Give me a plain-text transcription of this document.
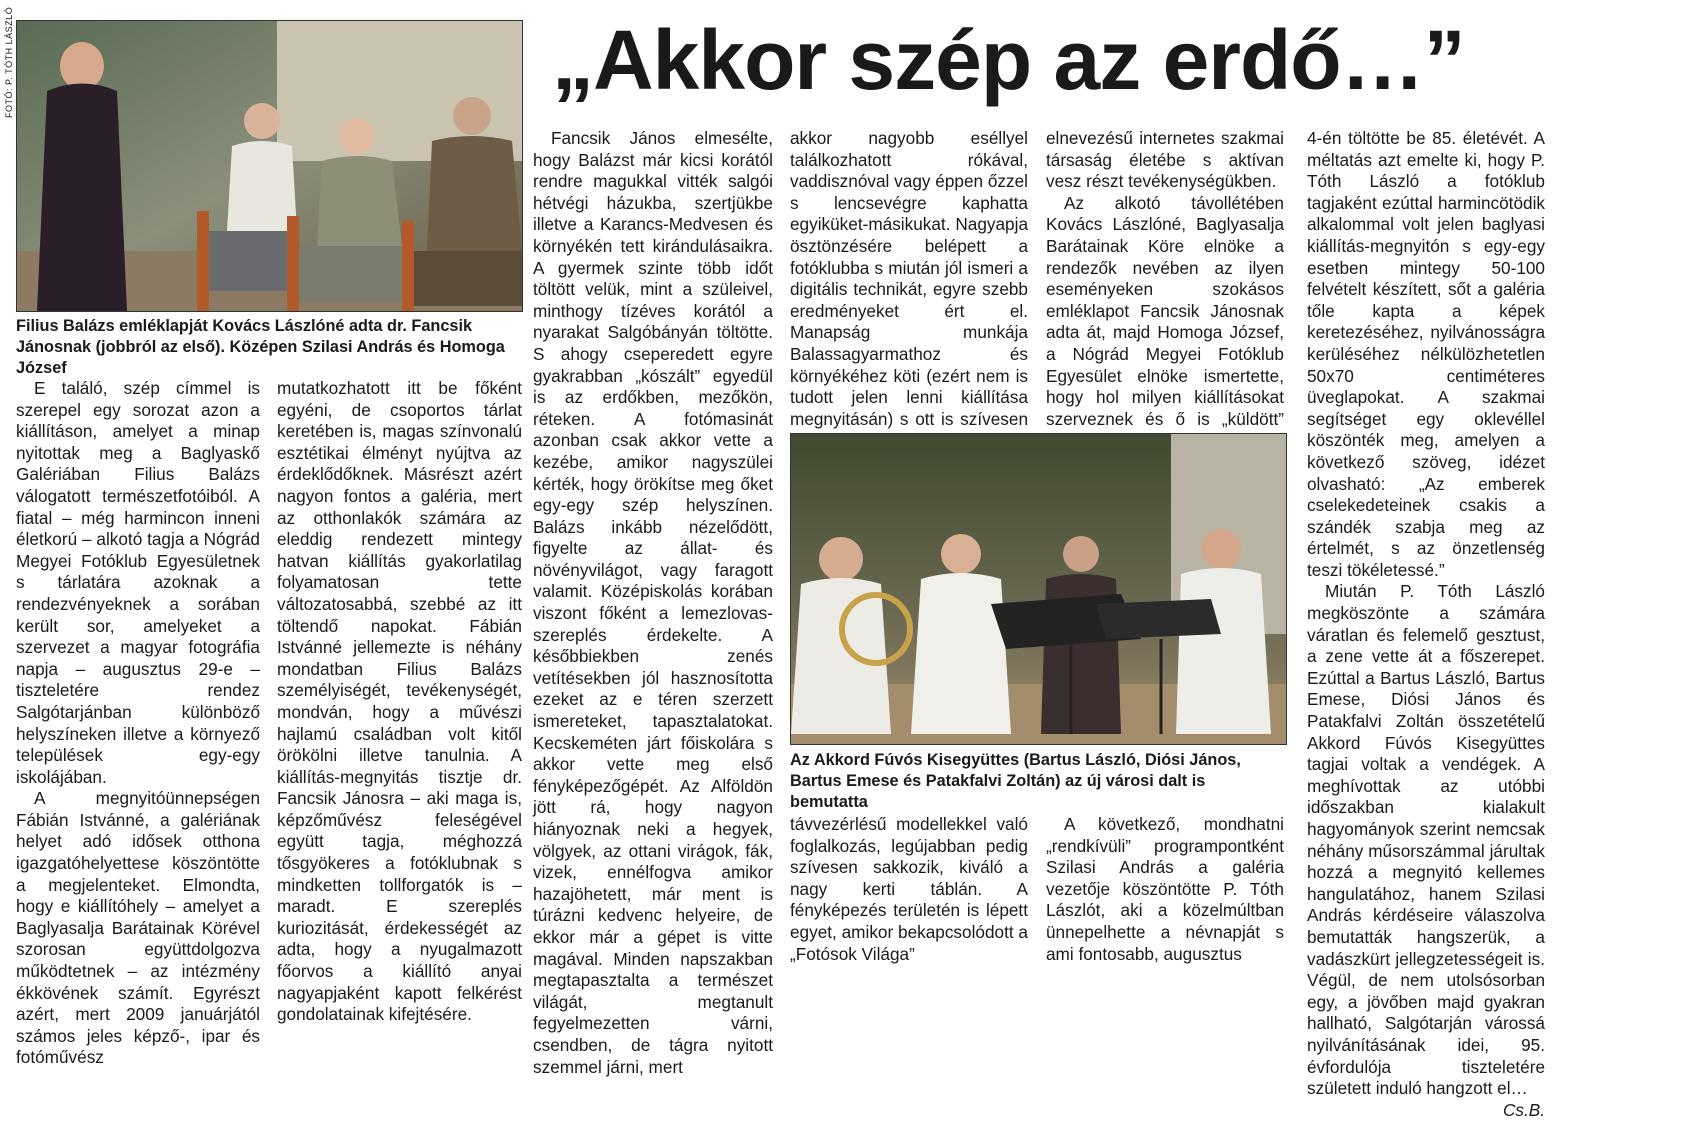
FOTÓ: P. TÓTH LÁSZLÓ
Filius Balázs emléklapját Kovács Lászlóné adta dr. Fancsik Jánosnak (jobbról az első). Középen Szilasi András és Homoga József
„Akkor szép az erdő…”

E találó, szép címmel is szerepel egy sorozat azon a kiállításon, amelyet a minap nyitottak meg a Baglyaskő Galériában Filius Balázs válogatott természetfotóiból. A fiatal – még harmincon inneni életkorú – alkotó tagja a Nógrád Megyei Fotóklub Egyesületnek s tárlatára azoknak a rendezvényeknek a sorában került sor, amelyeket a szervezet a magyar fotográfia napja – augusztus 29-e – tiszteletére rendez Salgótarjánban különböző helyszíneken illetve a környező települések egy-egy iskolájában.

A megnyitóünnepségen Fábián Istvánné, a galériának helyet adó idősek otthona igazgatóhelyettese köszöntötte a megjelenteket. Elmondta, hogy e kiállítóhely – amelyet a Baglyasalja Barátainak Körével szorosan együttdolgozva működtetnek – az intézmény ékkövének számít. Egyrészt azért, mert 2009 januárjától számos jeles képző-, ipar és fotóművész

mutatkozhatott itt be főként egyéni, de csoportos tárlat keretében is, magas színvonalú esztétikai élményt nyújtva az érdeklődőknek. Másrészt azért nagyon fontos a galéria, mert az otthonlakók számára az eleddig rendezett mintegy hatvan kiállítás gyakorlatilag folyamatosan tette változatosabbá, szebbé az itt töltendő napokat. Fábián Istvánné jellemezte is néhány mondatban Filius Balázs személyiségét, tevékenységét, mondván, hogy a művészi hajlamú családban volt kitől örökölni illetve tanulnia. A kiállítás-megnyitás tisztje dr. Fancsik Jánosra – aki maga is, képzőművész feleségével együtt tagja, méghozzá tősgyökeres a fotóklubnak s mindketten tollforgatók is – maradt. E szereplés kuriozitását, érdekességét az adta, hogy a nyugalmazott főorvos a kiállító anyai nagyapjaként kapott felkérést gondolatainak kifejtésére.

Fancsik János elmesélte, hogy Balázst már kicsi korától rendre magukkal vitték salgói hétvégi házukba, szertjükbe illetve a Karancs-Medvesen és környékén tett kirándulásaikra. A gyermek szinte több időt töltött velük, mint a szüleivel, minthogy tízéves korától a nyarakat Salgóbányán töltötte. S ahogy cseperedett egyre gyakrabban „kószált” egyedül is az erdőkben, mezőkön, réteken. A fotómasinát azonban csak akkor vette a kezébe, amikor nagyszülei kérték, hogy örökítse meg őket egy-egy szép helyszínen. Balázs inkább nézelődött, figyelte az állat- és növényvilágot, vagy faragott valamit. Középiskolás korában viszont főként a lemezlovas-szereplés érdekelte. A későbbiekben zenés vetítésekben jól hasznosította ezeket az e téren szerzett ismereteket, tapasztalatokat. Kecskeméten járt főiskolára s akkor vette meg első fényképezőgépét. Az Alföldön jött rá, hogy nagyon hiányoznak neki a hegyek, völgyek, az ottani virágok, fák, vizek, ennélfogva amikor hazajöhetett, már ment is túrázni kedvenc helyeire, de ekkor már a gépet is vitte magával. Minden napszakban megtapasztalta a természet világát, megtanult fegyelmezetten várni, csendben, de tágra nyitott szemmel járni, mert

akkor nagyobb eséllyel találkozhatott rókával, vaddisznóval vagy éppen őzzel s lencsevégre kaphatta egyiküket-másikukat. Nagyapja ösztönzésére belépett a fotóklubba s miután jól ismeri a digitális technikát, egyre szebb eredményeket ért el. Manapság munkája Balassagyarmathoz és környékéhez köti (ezért nem is tudott jelen lenni kiállítása megnyitásán) s ott is szívesen

elnevezésű internetes szakmai társaság életébe s aktívan vesz részt tevékenységükben.

Az alkotó távollétében Kovács Lászlóné, Baglyasalja Barátainak Köre elnöke a rendezők nevében az ilyen eseményeken szokásos emléklapot Fancsik Jánosnak adta át, majd Homoga József, a Nógrád Megyei Fotóklub Egyesület elnöke ismertette, hogy hol milyen kiállításokat szerveznek és ő is „küldött”

Az Akkord Fúvós Kisegyüttes (Bartus László, Diósi János, Bartus Emese és Patakfalvi Zoltán) az új városi dalt is bemutatta

távvezérlésű modellekkel való foglalkozás, legújabban pedig szívesen sakkozik, kiváló a nagy kerti táblán. A fényképezés területén is lépett egyet, amikor bekapcsolódott a „Fotósok Világa”

A következő, mondhatni „rendkívüli” programpontként Szilasi András a galéria vezetője köszöntötte P. Tóth Lászlót, aki a közelmúltban ünnepelhette a névnapját s ami fontosabb, augusztus

4-én töltötte be 85. életévét. A méltatás azt emelte ki, hogy P. Tóth László a fotóklub tagjaként ezúttal harmincötödik alkalommal volt jelen baglyasi kiállítás-megnyitón s egy-egy esetben mintegy 50-100 felvételt készített, sőt a galéria tőle kapta a képek keretezéséhez, nyilvánosságra kerüléséhez nélkülözhetetlen 50x70 centiméteres üveglapokat. A szakmai segítséget egy oklevéllel köszönték meg, amelyen a következő szöveg, idézet olvasható: „Az emberek cselekedeteinek csakis a szándék szabja meg az értelmét, s az önzetlenség teszi tökéletessé.”

Miután P. Tóth László megköszönte a számára váratlan és felemelő gesztust, a zene vette át a főszerepet. Ezúttal a Bartus László, Bartus Emese, Diósi János és Patakfalvi Zoltán összetételű Akkord Fúvós Kisegyüttes tagjai voltak a vendégek. A meghívottak az utóbbi időszakban kialakult hagyományok szerint nemcsak néhány műsorszámmal járultak hozzá a megnyitó kellemes hangulatához, hanem Szilasi András kérdéseire válaszolva bemutatták hangszerük, a vadászkürt jellegzetességeit is. Végül, de nem utolsósorban egy, a jövőben majd gyakran hallható, Salgótarján várossá nyilvánításának idei, 95. évfordulója tiszteletére született induló hangzott el…

Cs.B.
